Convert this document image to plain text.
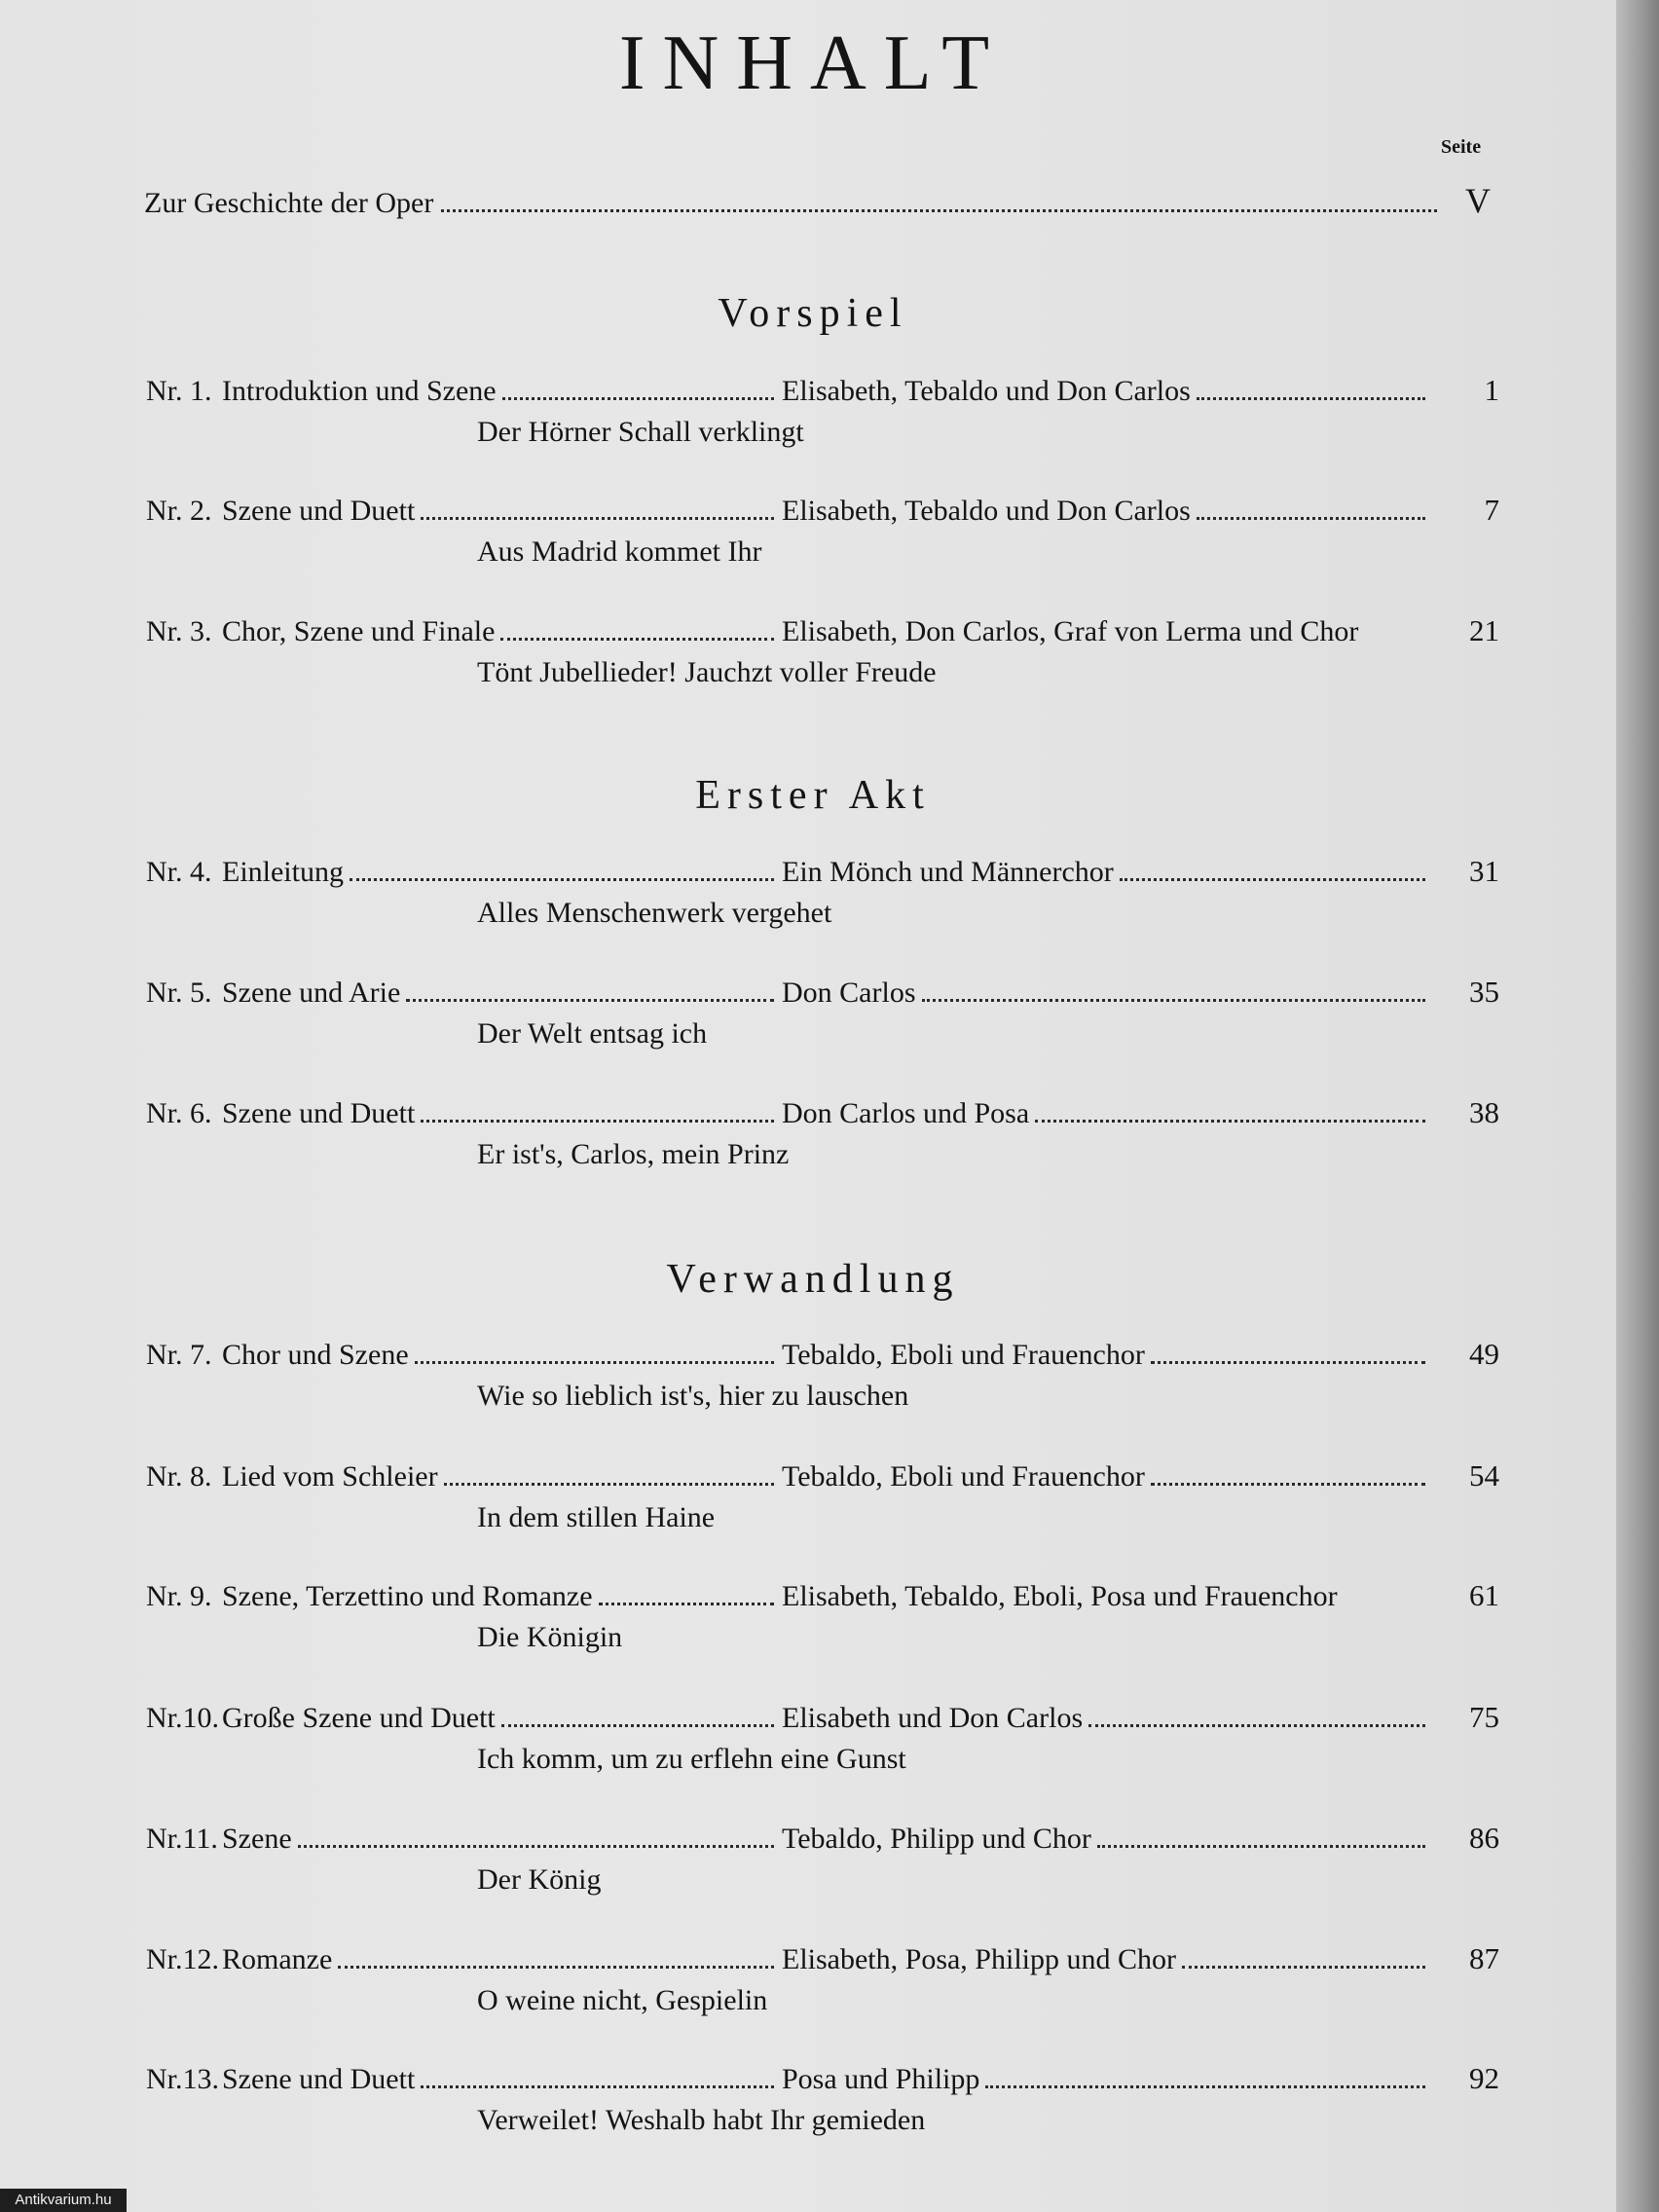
INHALT
Seite
Zur Geschichte der Oper	V
Vorspiel
Nr. 1. Introduktion und Szene	Elisabeth, Tebaldo und Don Carlos	1
Der Hörner Schall verklingt
Nr. 2. Szene und Duett	Elisabeth, Tebaldo und Don Carlos	7
Aus Madrid kommet Ihr
Nr. 3. Chor, Szene und Finale	Elisabeth, Don Carlos, Graf von Lerma und Chor	21
Tönt Jubellieder! Jauchzt voller Freude
Erster Akt
Nr. 4. Einleitung	Ein Mönch und Männerchor	31
Alles Menschenwerk vergehet
Nr. 5. Szene und Arie	Don Carlos	35
Der Welt entsag ich
Nr. 6. Szene und Duett	Don Carlos und Posa	38
Er ist's, Carlos, mein Prinz
Verwandlung
Nr. 7. Chor und Szene	Tebaldo, Eboli und Frauenchor	49
Wie so lieblich ist's, hier zu lauschen
Nr. 8. Lied vom Schleier	Tebaldo, Eboli und Frauenchor	54
In dem stillen Haine
Nr. 9. Szene, Terzettino und Romanze	Elisabeth, Tebaldo, Eboli, Posa und Frauenchor	61
Die Königin
Nr.10. Große Szene und Duett	Elisabeth und Don Carlos	75
Ich komm, um zu erflehn eine Gunst
Nr.11. Szene	Tebaldo, Philipp und Chor	86
Der König
Nr.12. Romanze	Elisabeth, Posa, Philipp und Chor	87
O weine nicht, Gespielin
Nr.13. Szene und Duett	Posa und Philipp	92
Verweilet! Weshalb habt Ihr gemieden
Antikvarium.hu
